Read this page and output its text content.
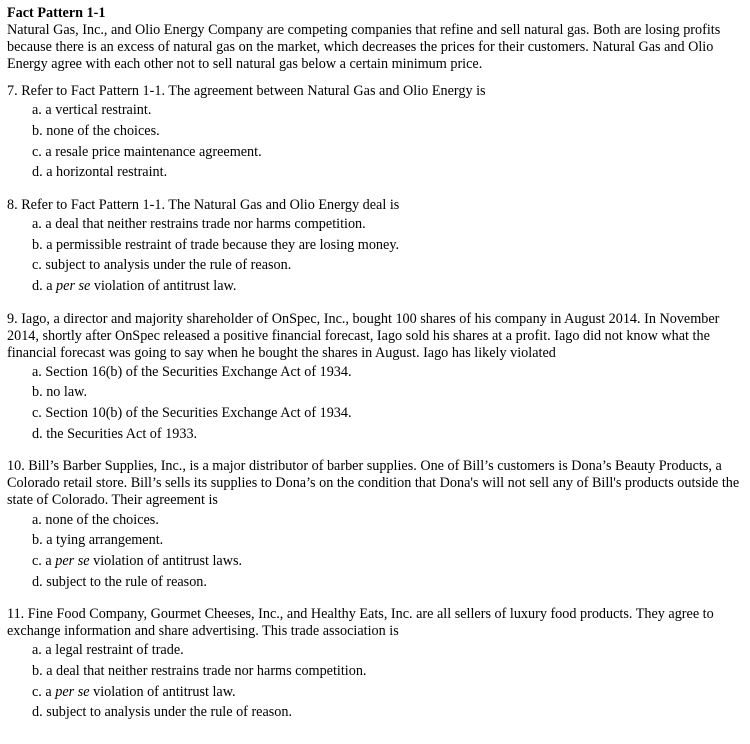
Fact Pattern 1-1

Natural Gas, Inc., and Olio Energy Company are competing companies that refine and sell natural gas. Both are losing profits because there is an excess of natural gas on the market, which decreases the prices for their customers. Natural Gas and Olio Energy agree with each other not to sell natural gas below a certain minimum price.

7. Refer to Fact Pattern 1-1. The agreement between Natural Gas and Olio Energy is

a. a vertical restraint.
b. none of the choices.
c. a resale price maintenance agreement.
d. a horizontal restraint.

8. Refer to Fact Pattern 1-1. The Natural Gas and Olio Energy deal is

a. a deal that neither restrains trade nor harms competition.
b. a permissible restraint of trade because they are losing money.
c. subject to analysis under the rule of reason.
d. a per se violation of antitrust law.

9. Iago, a director and majority shareholder of OnSpec, Inc., bought 100 shares of his company in August 2014. In November 2014, shortly after OnSpec released a positive financial forecast, Iago sold his shares at a profit. Iago did not know what the financial forecast was going to say when he bought the shares in August. Iago has likely violated

a. Section 16(b) of the Securities Exchange Act of 1934.
b. no law.
c. Section 10(b) of the Securities Exchange Act of 1934.
d. the Securities Act of 1933.

10. Bill’s Barber Supplies, Inc., is a major distributor of barber supplies. One of Bill’s customers is Dona’s Beauty Products, a Colorado retail store. Bill’s sells its supplies to Dona’s on the condition that Dona's will not sell any of Bill's products outside the state of Colorado. Their agreement is

a. none of the choices.
b. a tying arrangement.
c. a per se violation of antitrust laws.
d. subject to the rule of reason.

11. Fine Food Company, Gourmet Cheeses, Inc., and Healthy Eats, Inc. are all sellers of luxury food products. They agree to exchange information and share advertising. This trade association is

a. a legal restraint of trade.
b. a deal that neither restrains trade nor harms competition.
c. a per se violation of antitrust law.
d. subject to analysis under the rule of reason.
